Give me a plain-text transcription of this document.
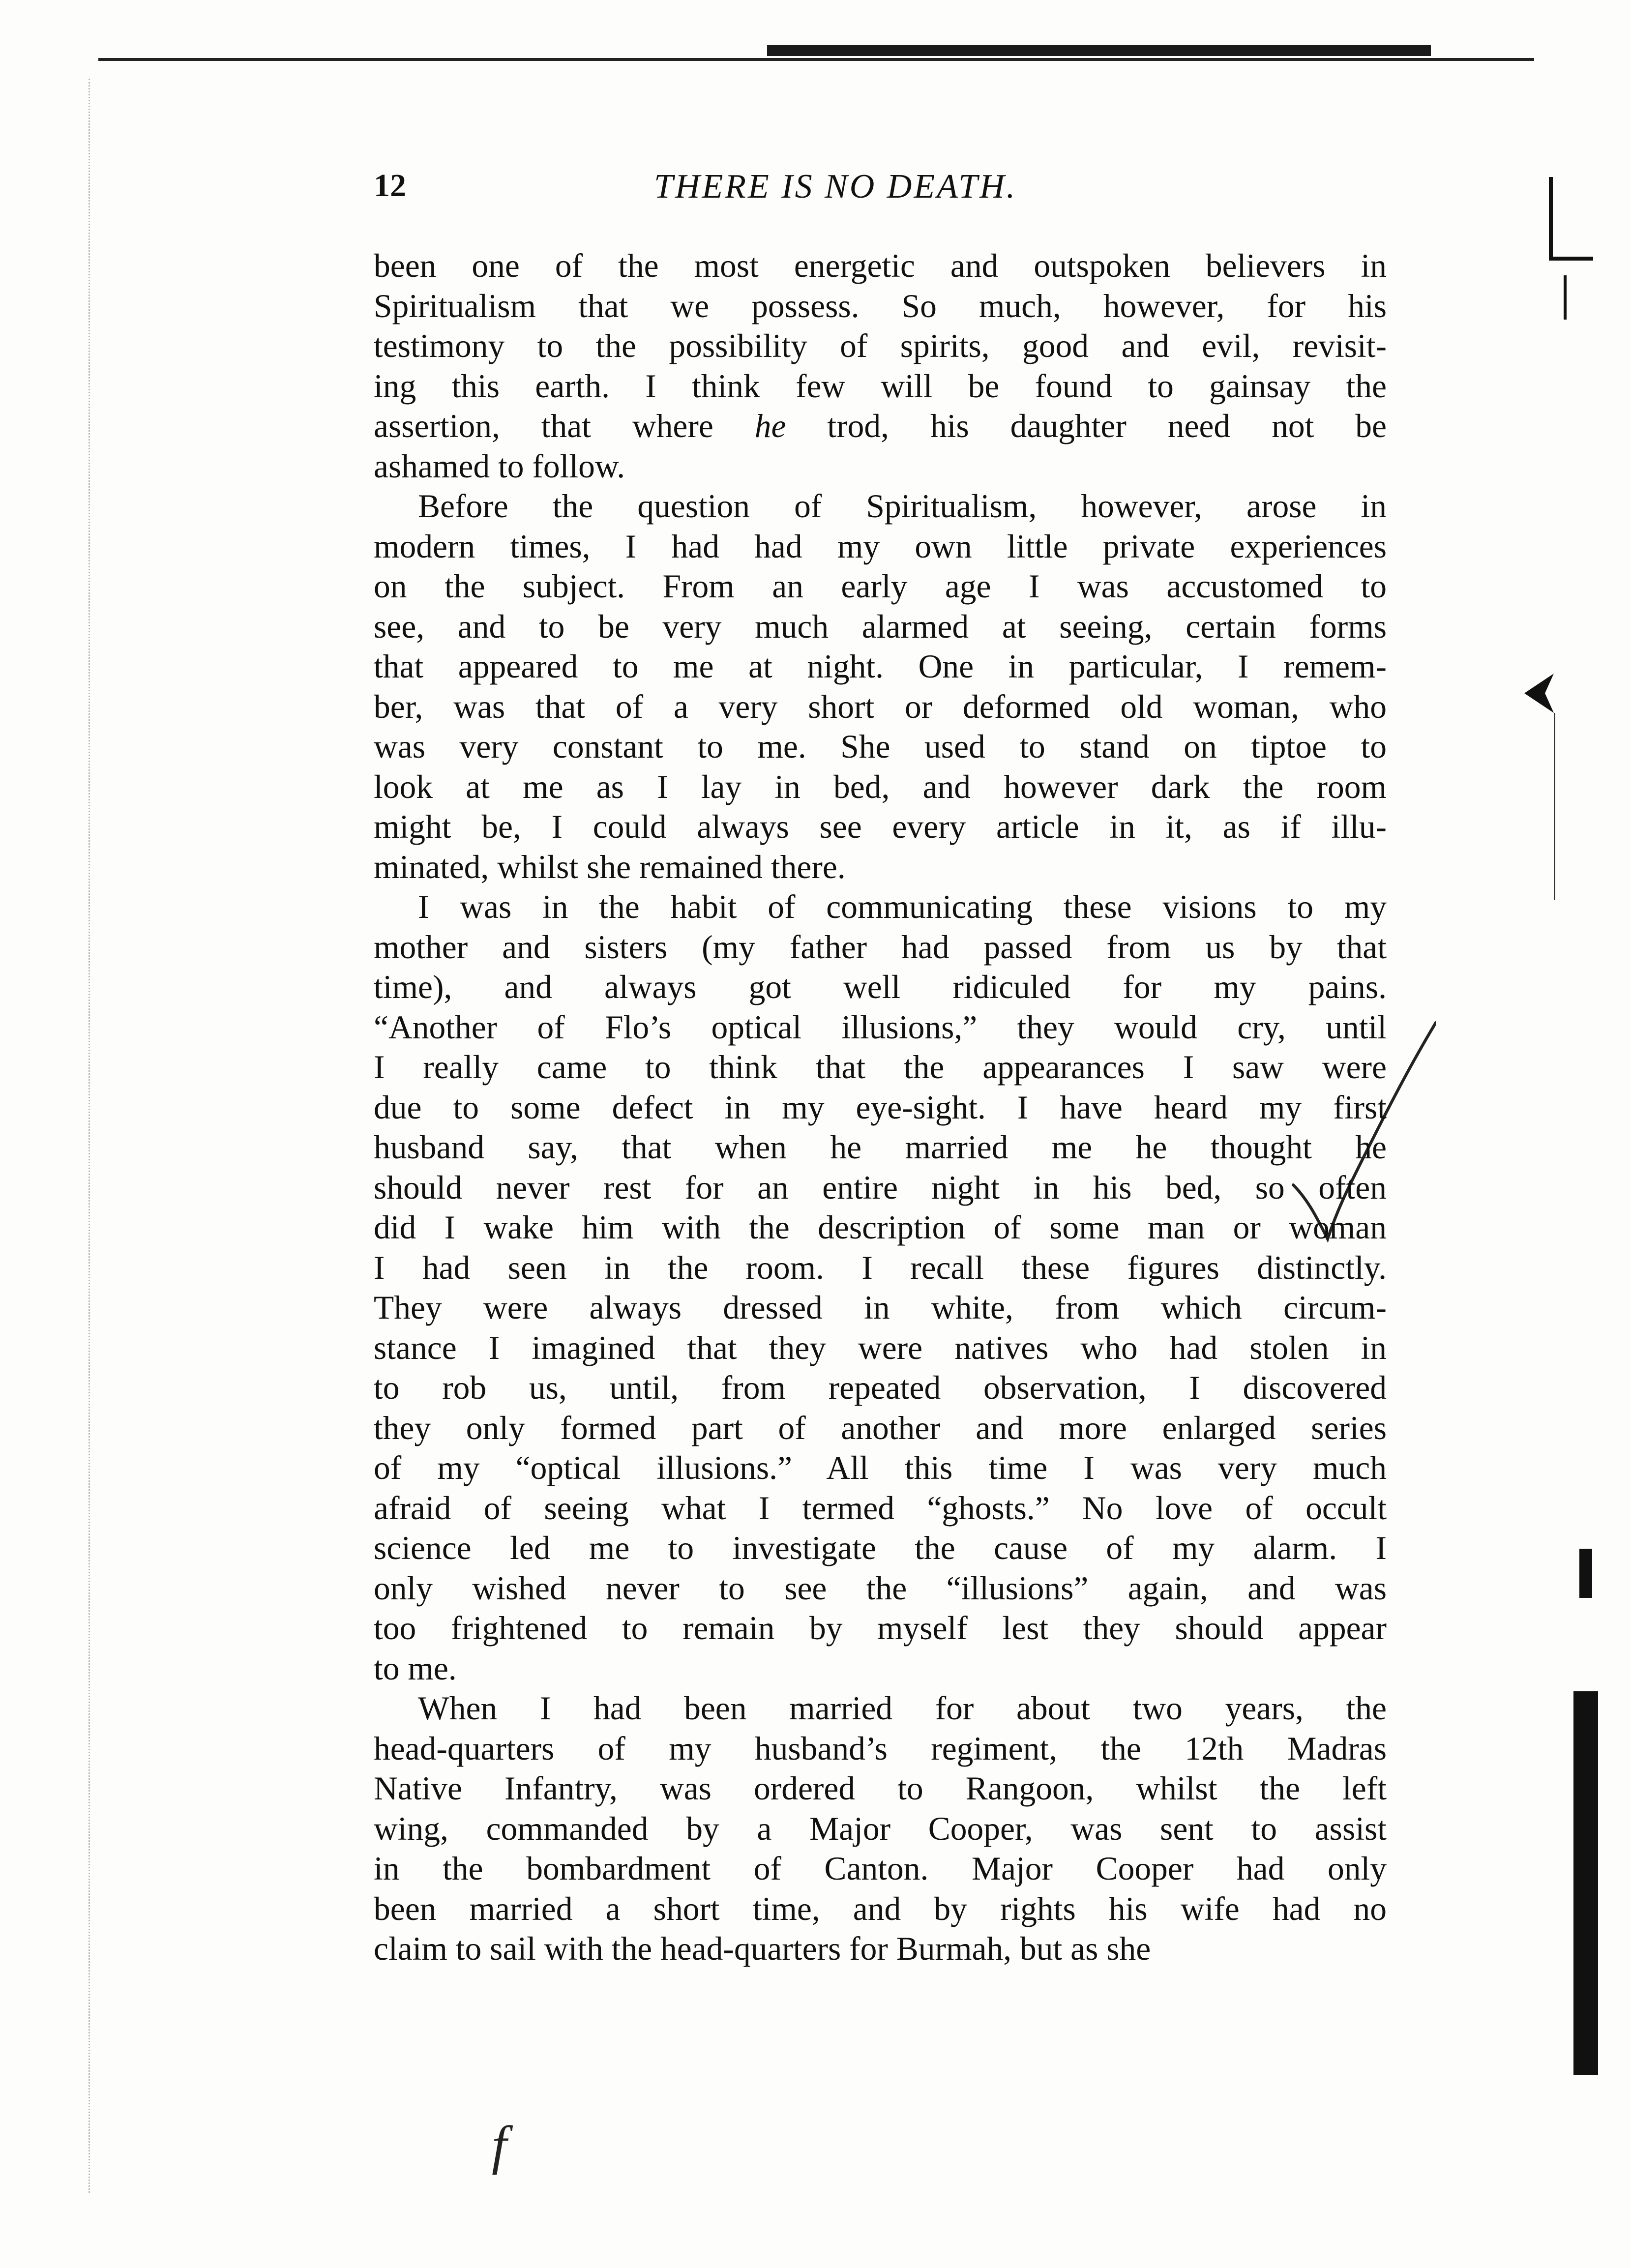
12	THERE IS NO DEATH.
been one of the most energetic and outspoken believers in
Spiritualism that we possess. So much, however, for his
testimony to the possibility of spirits, good and evil, revisit-
ing this earth. I think few will be found to gainsay the
assertion, that where he trod, his daughter need not be
ashamed to follow.
Before the question of Spiritualism, however, arose in
modern times, I had had my own little private experiences
on the subject. From an early age I was accustomed to
see, and to be very much alarmed at seeing, certain forms
that appeared to me at night. One in particular, I remem-
ber, was that of a very short or deformed old woman, who
was very constant to me. She used to stand on tiptoe to
look at me as I lay in bed, and however dark the room
might be, I could always see every article in it, as if illu-
minated, whilst she remained there.
I was in the habit of communicating these visions to my
mother and sisters (my father had passed from us by that
time), and always got well ridiculed for my pains.
“Another of Flo’s optical illusions,” they would cry, until
I really came to think that the appearances I saw were
due to some defect in my eye-sight. I have heard my first
husband say, that when he married me he thought he
should never rest for an entire night in his bed, so often
did I wake him with the description of some man or woman
I had seen in the room. I recall these figures distinctly.
They were always dressed in white, from which circum-
stance I imagined that they were natives who had stolen in
to rob us, until, from repeated observation, I discovered
they only formed part of another and more enlarged series
of my “optical illusions.” All this time I was very much
afraid of seeing what I termed “ghosts.” No love of occult
science led me to investigate the cause of my alarm. I
only wished never to see the “illusions” again, and was
too frightened to remain by myself lest they should appear
to me.
When I had been married for about two years, the
head-quarters of my husband’s regiment, the 12th Madras
Native Infantry, was ordered to Rangoon, whilst the left
wing, commanded by a Major Cooper, was sent to assist
in the bombardment of Canton. Major Cooper had only
been married a short time, and by rights his wife had no
claim to sail with the head-quarters for Burmah, but as she
f
